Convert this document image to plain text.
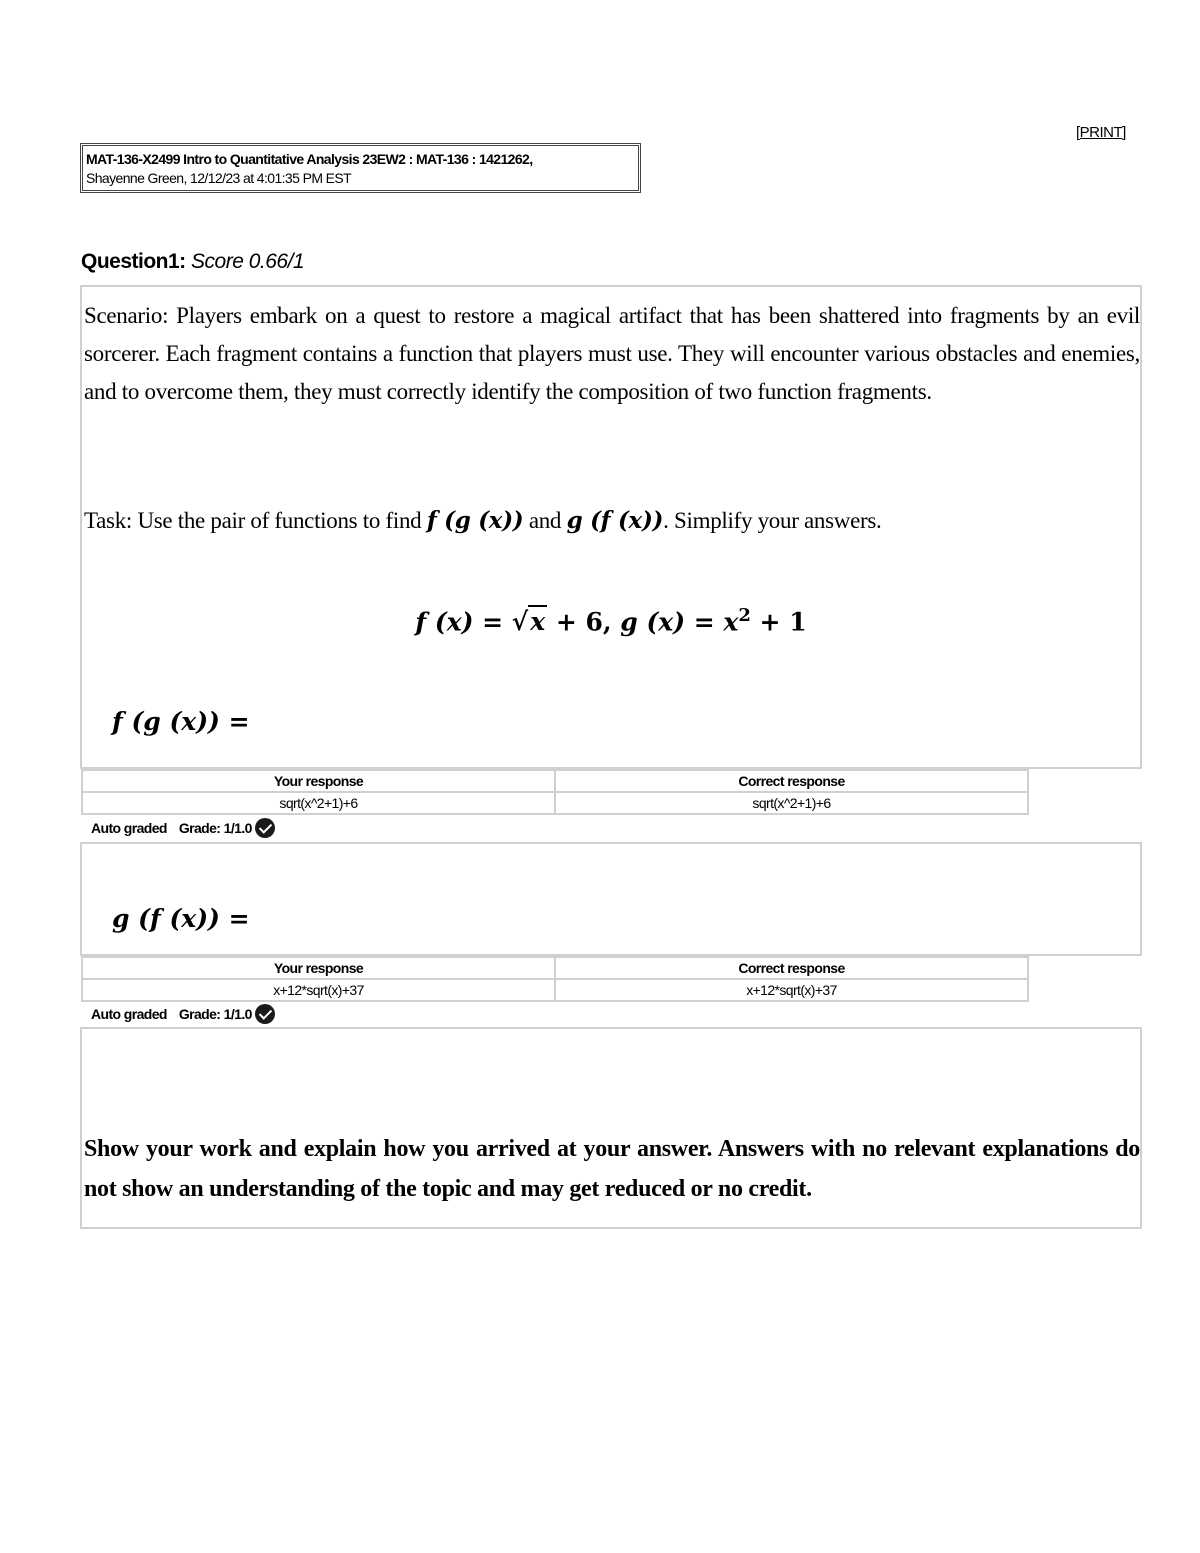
[PRINT]
MAT-136-X2499 Intro to Quantitative Analysis 23EW2 : MAT-136 : 1421262,
Shayenne Green, 12/12/23 at 4:01:35 PM EST
Question1: Score 0.66/1
Scenario: Players embark on a quest to restore a magical artifact that has been shattered into fragments by an evil sorcerer. Each fragment contains a function that players must use. They will encounter various obstacles and enemies, and to overcome them, they must correctly identify the composition of two function fragments.
Task: Use the pair of functions to find f (g (x)) and g (f (x)). Simplify your answers.
f (x) = √x + 6, g $(x) = x^2 + 1$
f (g (x)) =
Your response	Correct response
sqrt(x^2+1)+6	sqrt(x^2+1)+6
Auto graded Grade: 1/1.0
g (f (x)) =
Your response	Correct response
x+12*sqrt(x)+37	x+12*sqrt(x)+37
Auto graded Grade: 1/1.0
Show your work and explain how you arrived at your answer. Answers with no relevant explanations do not show an understanding of the topic and may get reduced or no credit.
